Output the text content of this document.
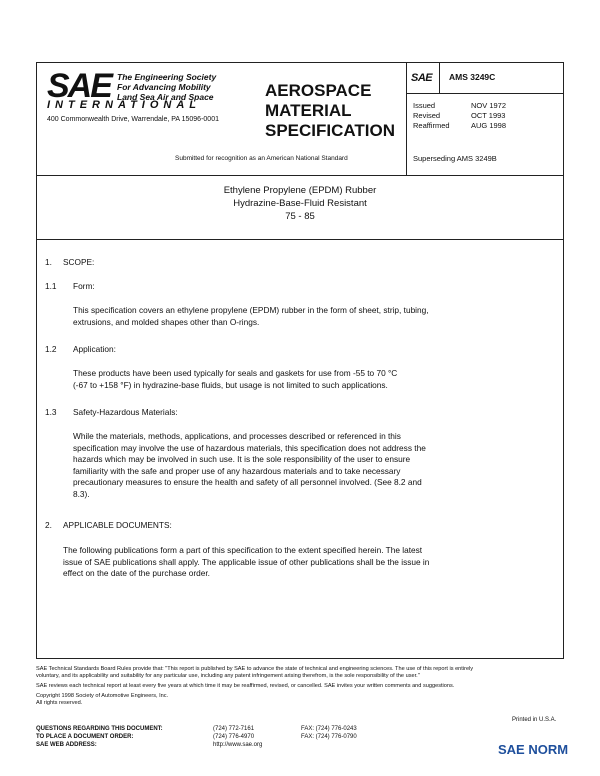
SAE The Engineering Society
For Advancing Mobility
Land Sea Air and Space
INTERNATIONAL
400 Commonwealth Drive, Warrendale, PA 15096-0001
Submitted for recognition as an American National Standard
AEROSPACE
MATERIAL
SPECIFICATION
SAE AMS 3249C
Issued	NOV 1972
Revised	OCT 1993
Reaffirmed	AUG 1998
Superseding AMS 3249B
Ethylene Propylene (EPDM) Rubber
Hydrazine-Base-Fluid Resistant
75 - 85
1. SCOPE:
1.1 Form:
This specification covers an ethylene propylene (EPDM) rubber in the form of sheet, strip, tubing,
extrusions, and molded shapes other than O-rings.
1.2 Application:
These products have been used typically for seals and gaskets for use from -55 to 70 °C
(-67 to +158 °F) in hydrazine-base fluids, but usage is not limited to such applications.
1.3 Safety-Hazardous Materials:
While the materials, methods, applications, and processes described or referenced in this
specification may involve the use of hazardous materials, this specification does not address the
hazards which may be involved in such use. It is the sole responsibility of the user to ensure
familiarity with the safe and proper use of any hazardous materials and to take necessary
precautionary measures to ensure the health and safety of all personnel involved. (See 8.2 and
8.3).
2. APPLICABLE DOCUMENTS:
The following publications form a part of this specification to the extent specified herein. The latest
issue of SAE publications shall apply. The applicable issue of other publications shall be the issue in
effect on the date of the purchase order.
SAE Technical Standards Board Rules provide that: "This report is published by SAE to advance the state of technical and engineering sciences. The use of this report is entirely
voluntary, and its applicability and suitability for any particular use, including any patent infringement arising therefrom, is the sole responsibility of the user."
SAE reviews each technical report at least every five years at which time it may be reaffirmed, revised, or cancelled. SAE invites your written comments and suggestions.
Copyright 1998 Society of Automotive Engineers, Inc.
All rights reserved.
Printed in U.S.A.
QUESTIONS REGARDING THIS DOCUMENT:	(724) 772-7161	FAX: (724) 776-0243
TO PLACE A DOCUMENT ORDER:	(724) 776-4970	FAX: (724) 776-0790
SAE WEB ADDRESS:	http://www.sae.org	SAE NORM
